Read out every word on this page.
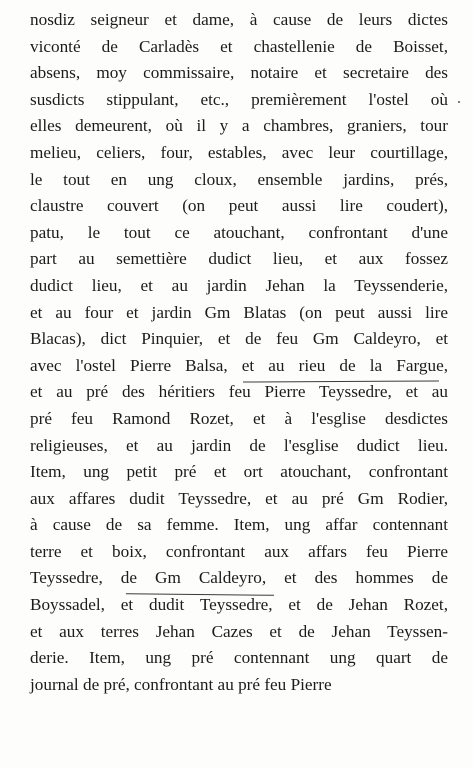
nosdiz seigneur et dame, à cause de leurs dictes
viconté de Carladès et chastellenie de Boisset,
absens, moy commissaire, notaire et secretaire des
susdicts stippulant, etc., premièrement l'ostel où
elles demeurent, où il y a chambres, graniers, tour
melieu, celiers, four, estables, avec leur courtillage,
le tout en ung cloux, ensemble jardins, prés,
claustre couvert (on peut aussi lire coudert),
patu, le tout ce atouchant, confrontant d'une
part au semettière dudict lieu, et aux fossez
dudict lieu, et au jardin Jehan la Teyssenderie,
et au four et jardin Gm Blatas (on peut aussi lire
Blacas), dict Pinquier, et de feu Gm Caldeyro, et
avec l'ostel Pierre Balsa, et au rieu de la Fargue,
et au pré des héritiers feu Pierre Teyssedre, et au
pré feu Ramond Rozet, et à l'esglise desdictes
religieuses, et au jardin de l'esglise dudict lieu.
Item, ung petit pré et ort atouchant, confrontant
aux affares dudit Teyssedre, et au pré Gm Rodier,
à cause de sa femme. Item, ung affar contennant
terre et boix, confrontant aux affars feu Pierre
Teyssedre, de Gm Caldeyro, et des hommes de
Boyssadel, et dudit Teyssedre, et de Jehan Rozet,
et aux terres Jehan Cazes et de Jehan Teyssen-
derie. Item, ung pré contennant ung quart de
journal de pré, confrontant au pré feu Pierre
